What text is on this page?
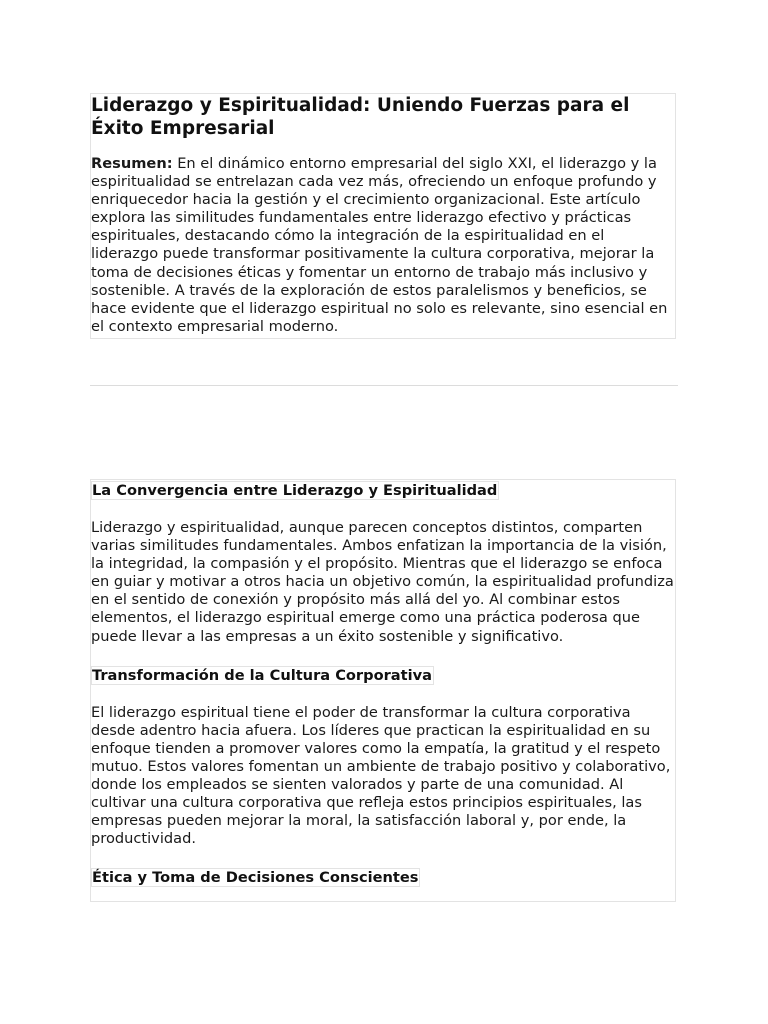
Liderazgo y Espiritualidad: Uniendo Fuerzas para el Éxito Empresarial

Resumen: En el dinámico entorno empresarial del siglo XXI, el liderazgo y la espiritualidad se entrelazan cada vez más, ofreciendo un enfoque profundo y enriquecedor hacia la gestión y el crecimiento organizacional. Este artículo explora las similitudes fundamentales entre liderazgo efectivo y prácticas espirituales, destacando cómo la integración de la espiritualidad en el liderazgo puede transformar positivamente la cultura corporativa, mejorar la toma de decisiones éticas y fomentar un entorno de trabajo más inclusivo y sostenible. A través de la exploración de estos paralelismos y beneficios, se hace evidente que el liderazgo espiritual no solo es relevante, sino esencial en el contexto empresarial moderno.

La Convergencia entre Liderazgo y Espiritualidad

Liderazgo y espiritualidad, aunque parecen conceptos distintos, comparten varias similitudes fundamentales. Ambos enfatizan la importancia de la visión, la integridad, la compasión y el propósito. Mientras que el liderazgo se enfoca en guiar y motivar a otros hacia un objetivo común, la espiritualidad profundiza en el sentido de conexión y propósito más allá del yo. Al combinar estos elementos, el liderazgo espiritual emerge como una práctica poderosa que puede llevar a las empresas a un éxito sostenible y significativo.

Transformación de la Cultura Corporativa

El liderazgo espiritual tiene el poder de transformar la cultura corporativa desde adentro hacia afuera. Los líderes que practican la espiritualidad en su enfoque tienden a promover valores como la empatía, la gratitud y el respeto mutuo. Estos valores fomentan un ambiente de trabajo positivo y colaborativo, donde los empleados se sienten valorados y parte de una comunidad. Al cultivar una cultura corporativa que refleja estos principios espirituales, las empresas pueden mejorar la moral, la satisfacción laboral y, por ende, la productividad.

Ética y Toma de Decisiones Conscientes
